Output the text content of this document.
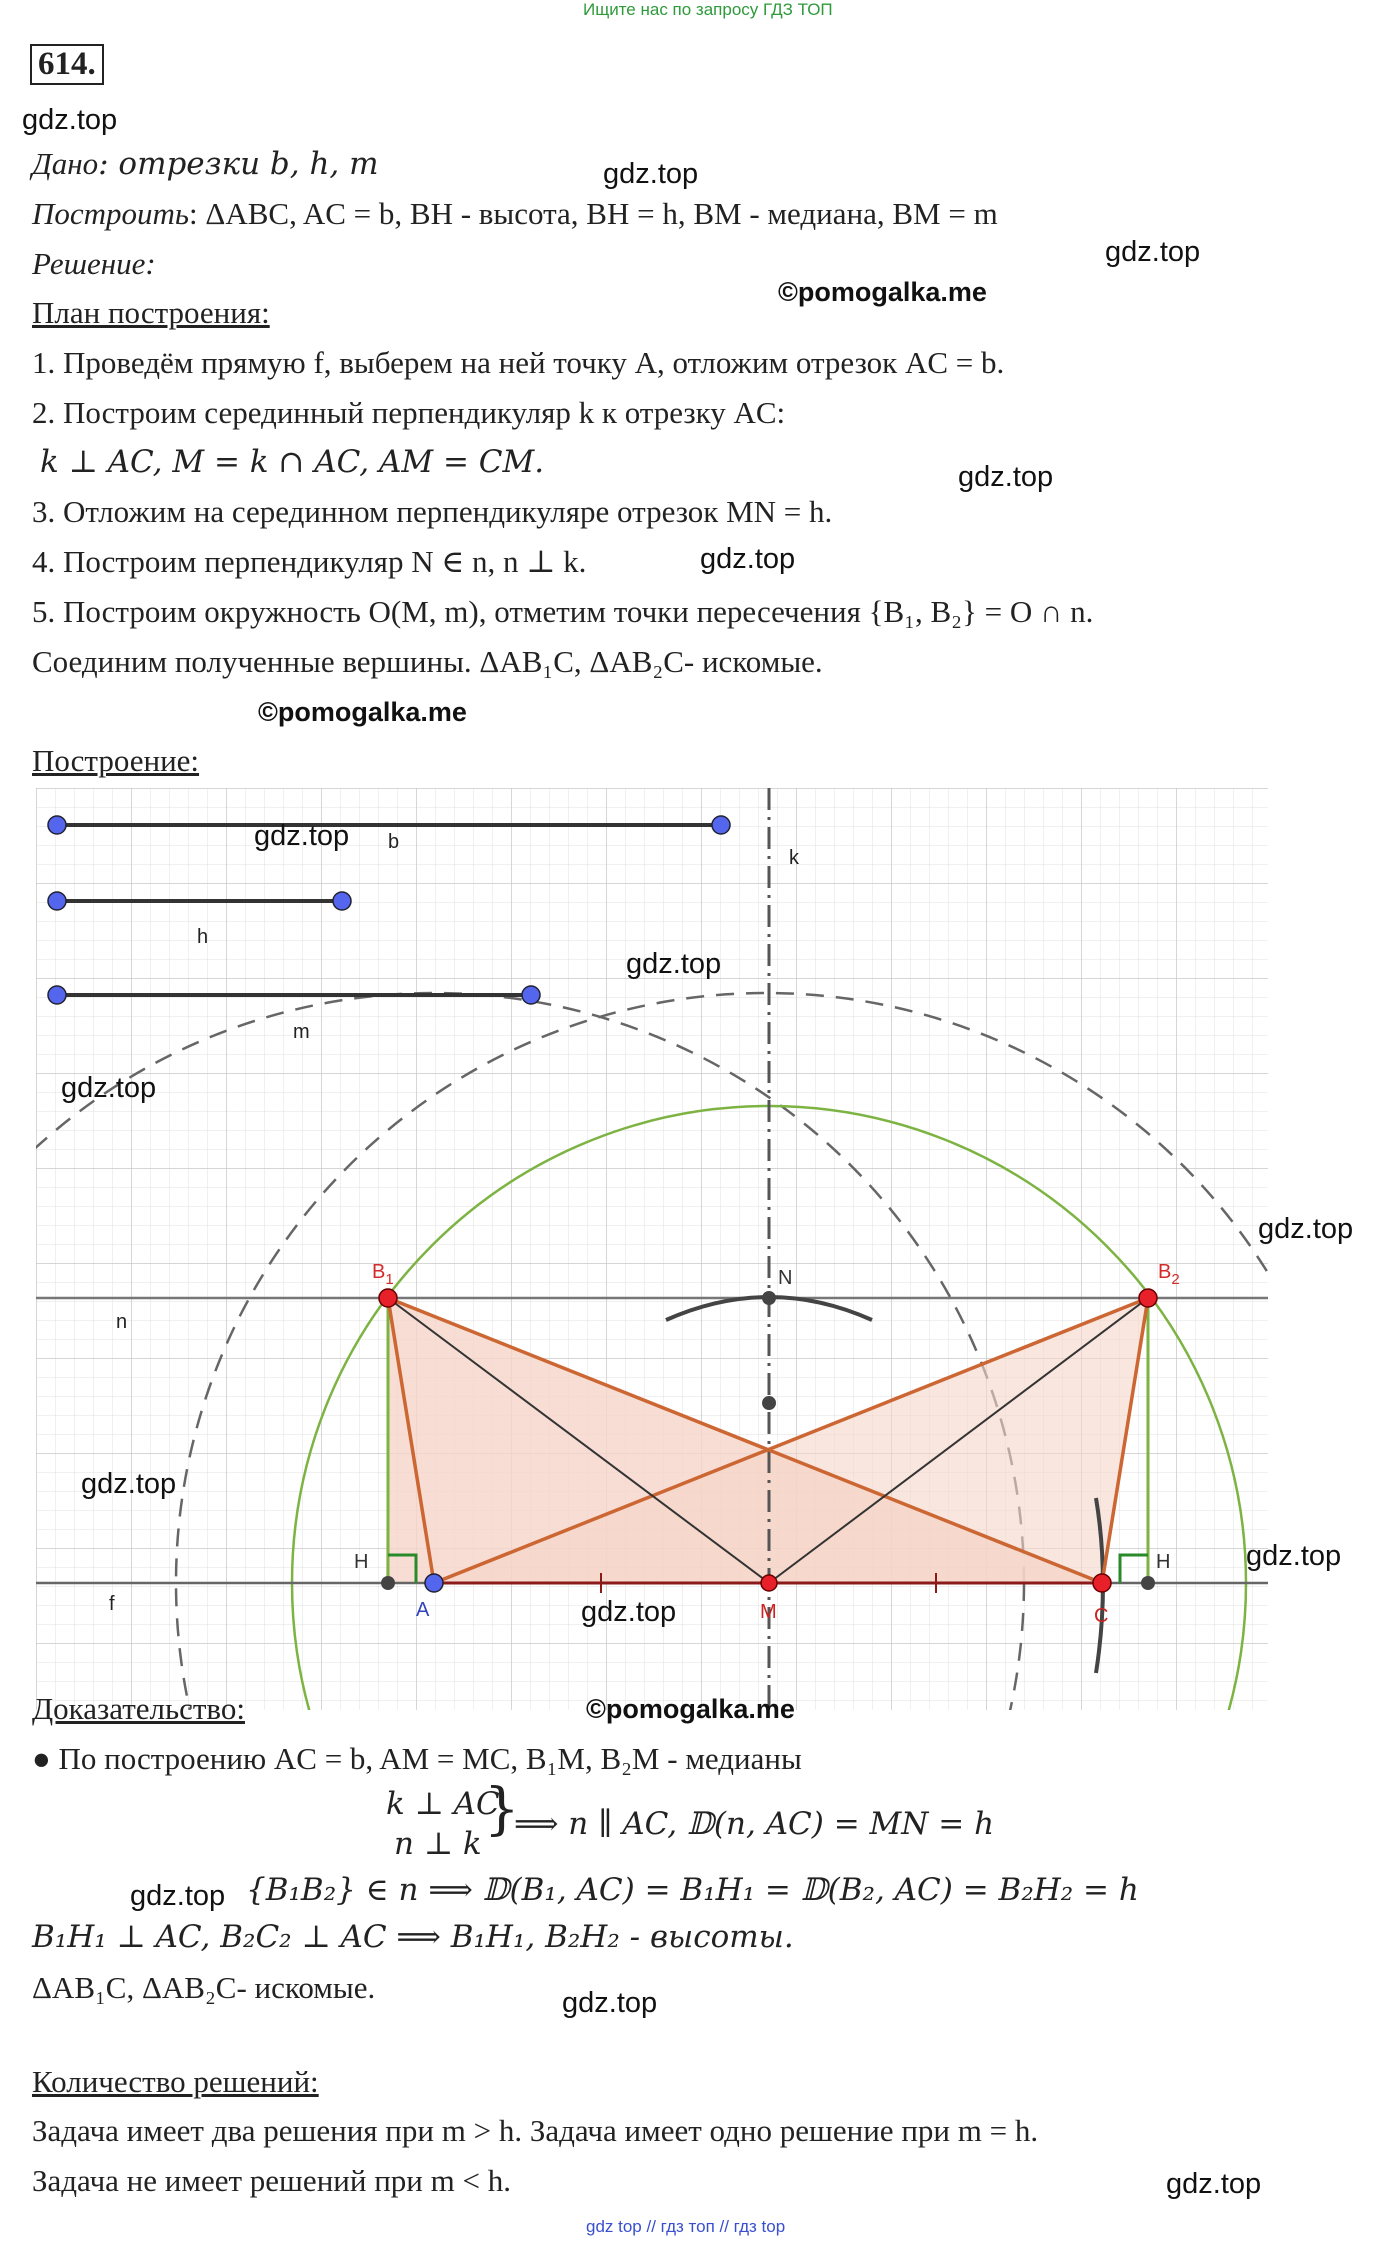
Ищите нас по запросу ГДЗ ТОП
614.
gdz.top
gdz.top
gdz.top
gdz.top
gdz.top
©pomogalka.me
©pomogalka.me
Дано: отрезки b, h, m
Построить: ΔABC, AC = b, BH - высота, BH = h, BM - медиана, BM = m
Решение:
План построения:
1. Проведём прямую f, выберем на ней точку A, отложим отрезок AC = b.
2. Построим серединный перпендикуляр k к отрезку AC:
k ⊥ AC, M = k ∩ AC, AM = CM.
3. Отложим на серединном перпендикуляре отрезок MN = h.
4. Построим перпендикуляр N ∈ n, n ⊥ k.
5. Построим окружность O(M, m), отметим точки пересечения {B₁, B₂} = O ∩ n.
Соединим полученные вершины. ΔAB₁C, ΔAB₂C- искомые.
Построение:
b
h
m
k
n
f
$B_1$	$B_2$
N
H	H
A	M	C
gdz.top
gdz.top
gdz.top
gdz.top
gdz.top
gdz.top
gdz.top
Доказательство:	©pomogalka.me
● По построению AC = b, AM = MC, B₁M, B₂M - медианы
k ⊥ AC
n ⊥ k
}
⟹ n ∥ AC, 𝔻(n, AC) = MN = h
gdz.top {B₁B₂} ∈ n ⟹ 𝔻(B₁, AC) = B₁H₁ = 𝔻(B₂, AC) = B₂H₂ = h
B₁H₁ ⊥ AC, B₂C₂ ⊥ AC ⟹ B₁H₁, B₂H₂ - высоты.
ΔAB₁C, ΔAB₂C- искомые.	gdz.top
Количество решений:
Задача имеет два решения при m > h. Задача имеет одно решение при m = h.
Задача не имеет решений при m < h.	gdz.top
gdz top // гдз топ // гдз top
